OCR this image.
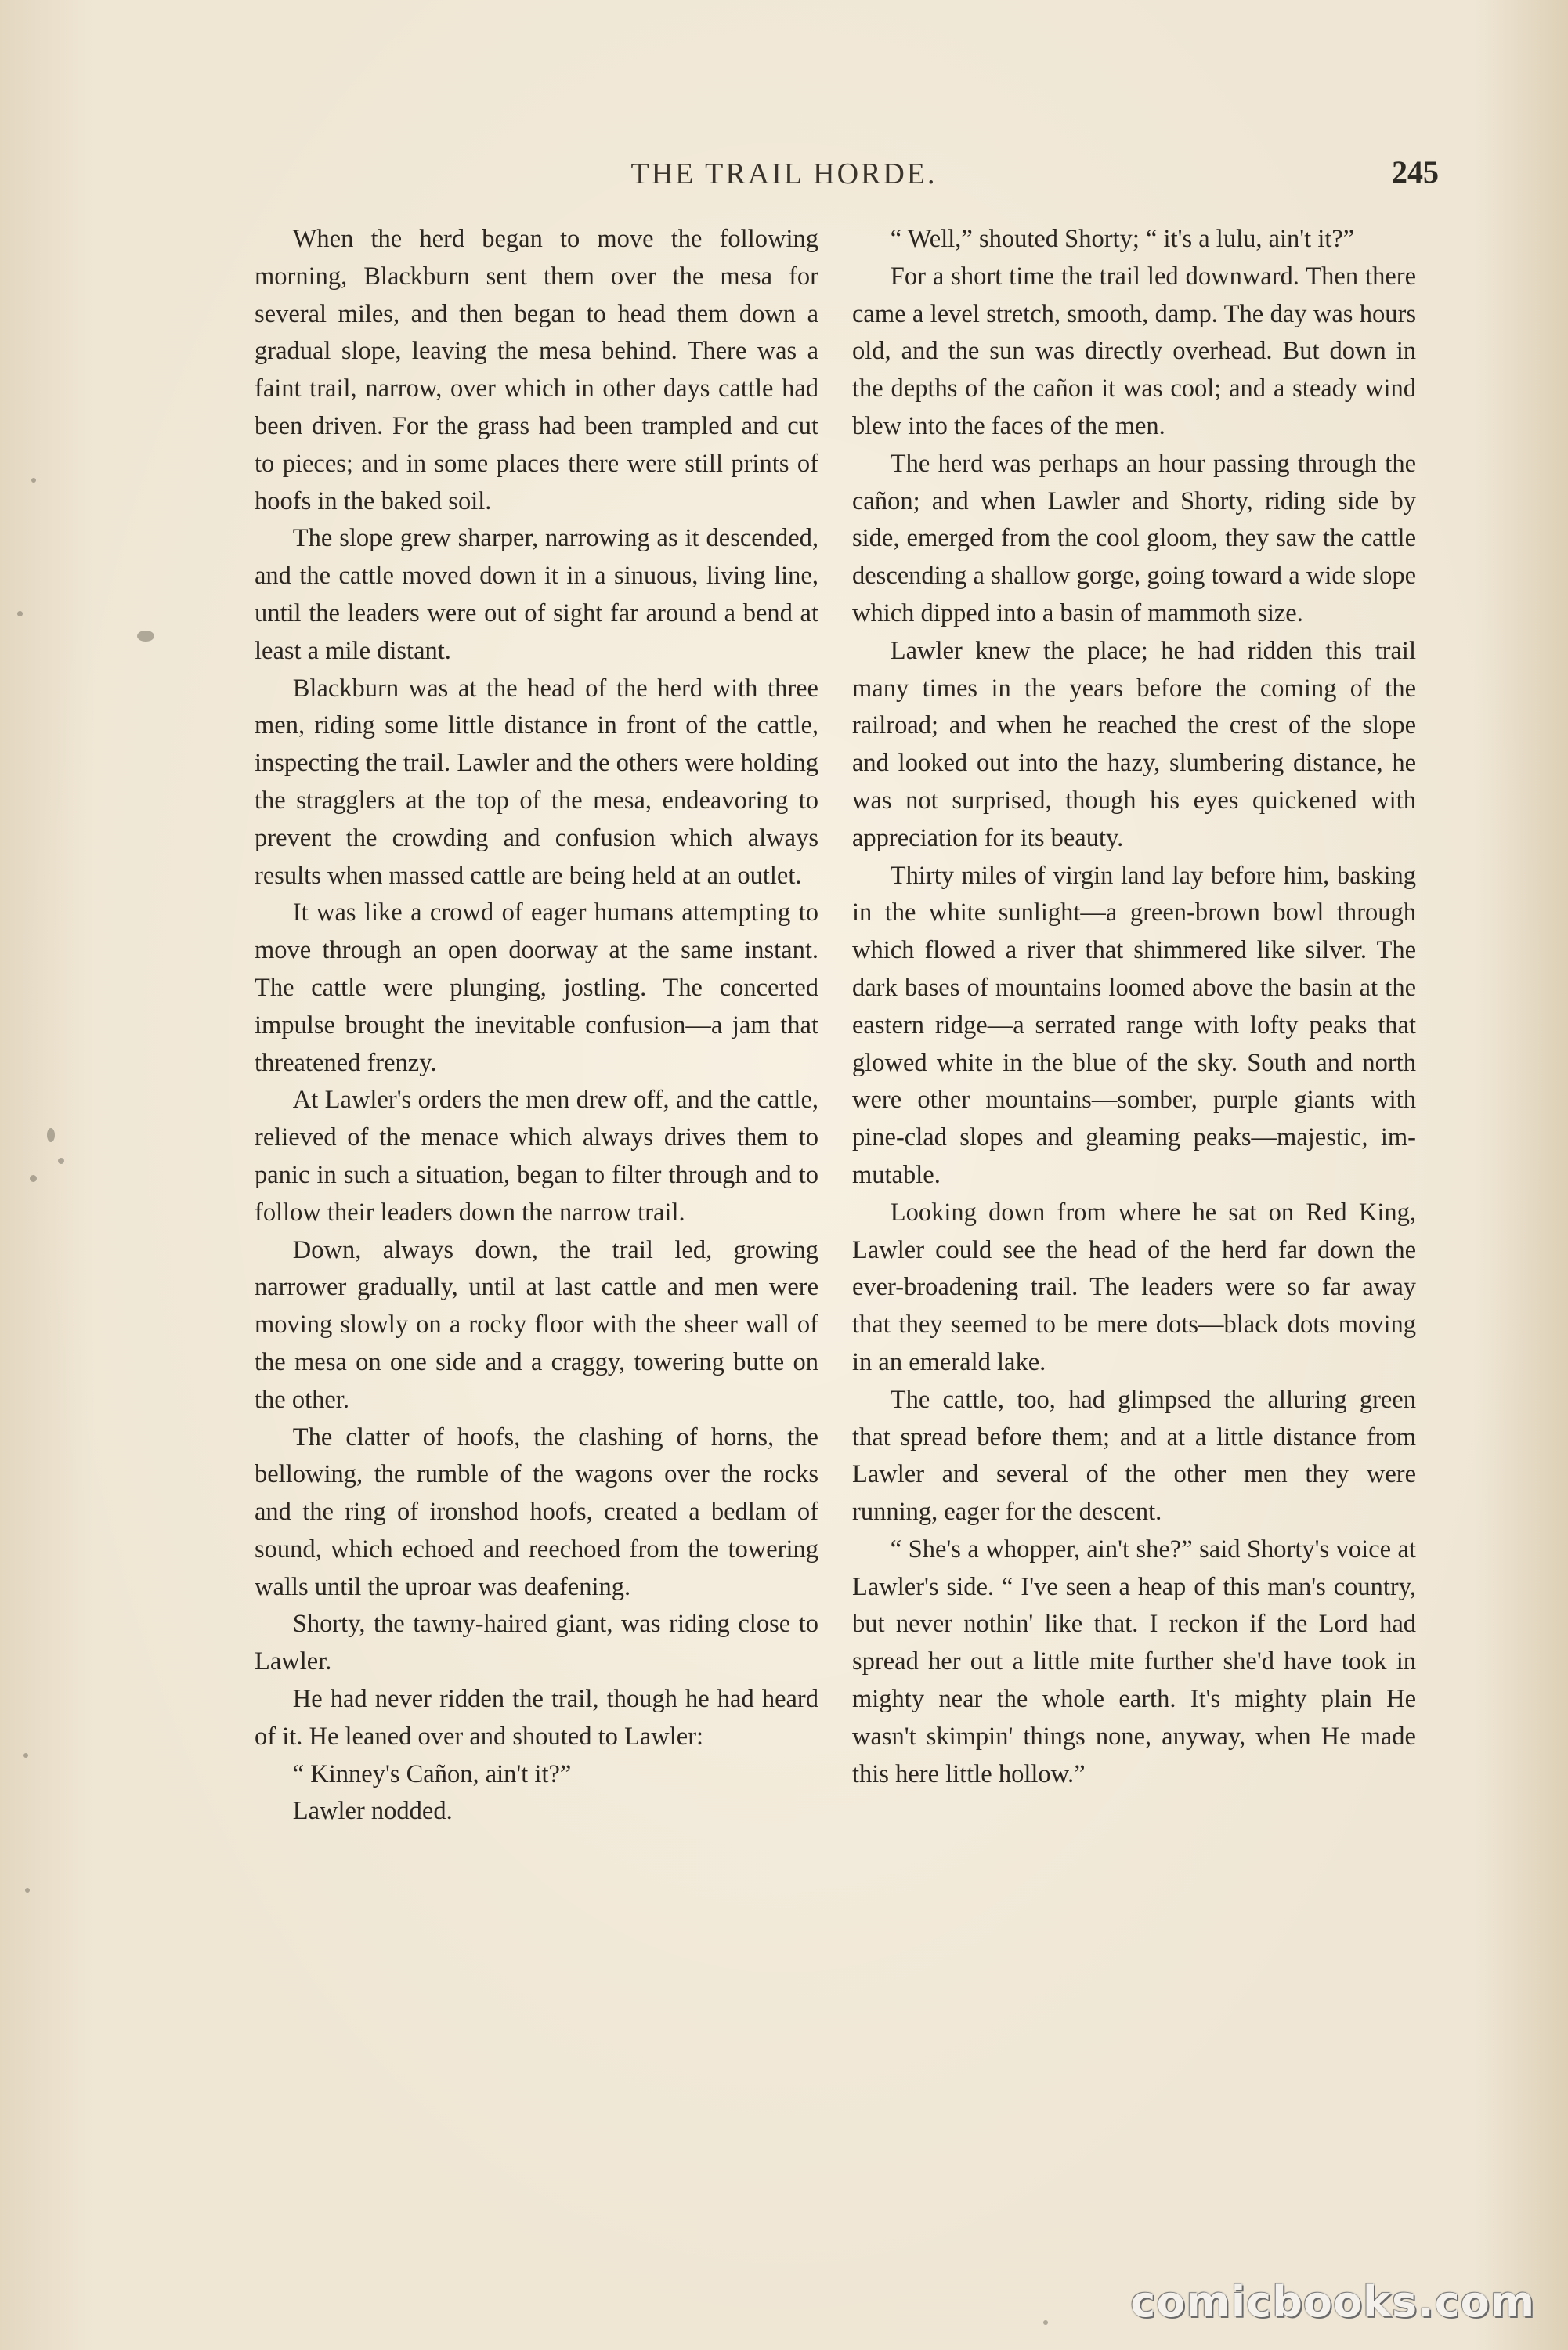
THE TRAIL HORDE.	245

When the herd began to move the following morning, Blackburn sent them over the mesa for several miles, and then began to head them down a gradual slope, leaving the mesa behind. There was a faint trail, narrow, over which in other days cattle had been driven. For the grass had been trampled and cut to pieces; and in some places there were still prints of hoofs in the baked soil.

The slope grew sharper, narrowing as it descended, and the cattle moved down it in a sinuous, living line, until the leaders were out of sight far around a bend at least a mile distant.

Blackburn was at the head of the herd with three men, riding some little distance in front of the cattle, inspecting the trail. Lawler and the others were holding the stragglers at the top of the mesa, endeavoring to prevent the crowding and confusion which always results when massed cattle are being held at an outlet.

It was like a crowd of eager humans attempting to move through an open doorway at the same instant. The cattle were plunging, jostling. The concerted impulse brought the inevitable confusion—a jam that threatened frenzy.

At Lawler's orders the men drew off, and the cattle, relieved of the menace which always drives them to panic in such a situation, began to filter through and to follow their leaders down the narrow trail.

Down, always down, the trail led, growing narrower gradually, until at last cattle and men were moving slowly on a rocky floor with the sheer wall of the mesa on one side and a craggy, towering butte on the other.

The clatter of hoofs, the clashing of horns, the bellowing, the rumble of the wagons over the rocks and the ring of ironshod hoofs, created a bedlam of sound, which echoed and reechoed from the towering walls until the uproar was deafening.

Shorty, the tawny-haired giant, was riding close to Lawler.

He had never ridden the trail, though he had heard of it. He leaned over and shouted to Lawler:

“ Kinney's Cañon, ain't it?”

Lawler nodded.

“ Well,” shouted Shorty; “ it's a lulu, ain't it?”

For a short time the trail led downward. Then there came a level stretch, smooth, damp. The day was hours old, and the sun was directly overhead. But down in the depths of the cañon it was cool; and a steady wind blew into the faces of the men.

The herd was perhaps an hour passing through the cañon; and when Lawler and Shorty, riding side by side, emerged from the cool gloom, they saw the cattle descending a shallow gorge, going toward a wide slope which dipped into a basin of mammoth size.

Lawler knew the place; he had ridden this trail many times in the years before the coming of the railroad; and when he reached the crest of the slope and looked out into the hazy, slumbering distance, he was not surprised, though his eyes quickened with appreciation for its beauty.

Thirty miles of virgin land lay before him, basking in the white sunlight—a green-brown bowl through which flowed a river that shimmered like silver. The dark bases of mountains loomed above the basin at the eastern ridge—a serrated range with lofty peaks that glowed white in the blue of the sky. South and north were other mountains—somber, purple giants with pine-clad slopes and gleaming peaks—majestic, immutable.

Looking down from where he sat on Red King, Lawler could see the head of the herd far down the ever-broadening trail. The leaders were so far away that they seemed to be mere dots—black dots moving in an emerald lake.

The cattle, too, had glimpsed the alluring green that spread before them; and at a little distance from Lawler and several of the other men they were running, eager for the descent.

“ She's a whopper, ain't she?” said Shorty's voice at Lawler's side. “ I've seen a heap of this man's country, but never nothin' like that. I reckon if the Lord had spread her out a little mite further she'd have took in mighty near the whole earth. It's mighty plain He wasn't skimpin' things none, anyway, when He made this here little hollow.”

comicbooks.com
